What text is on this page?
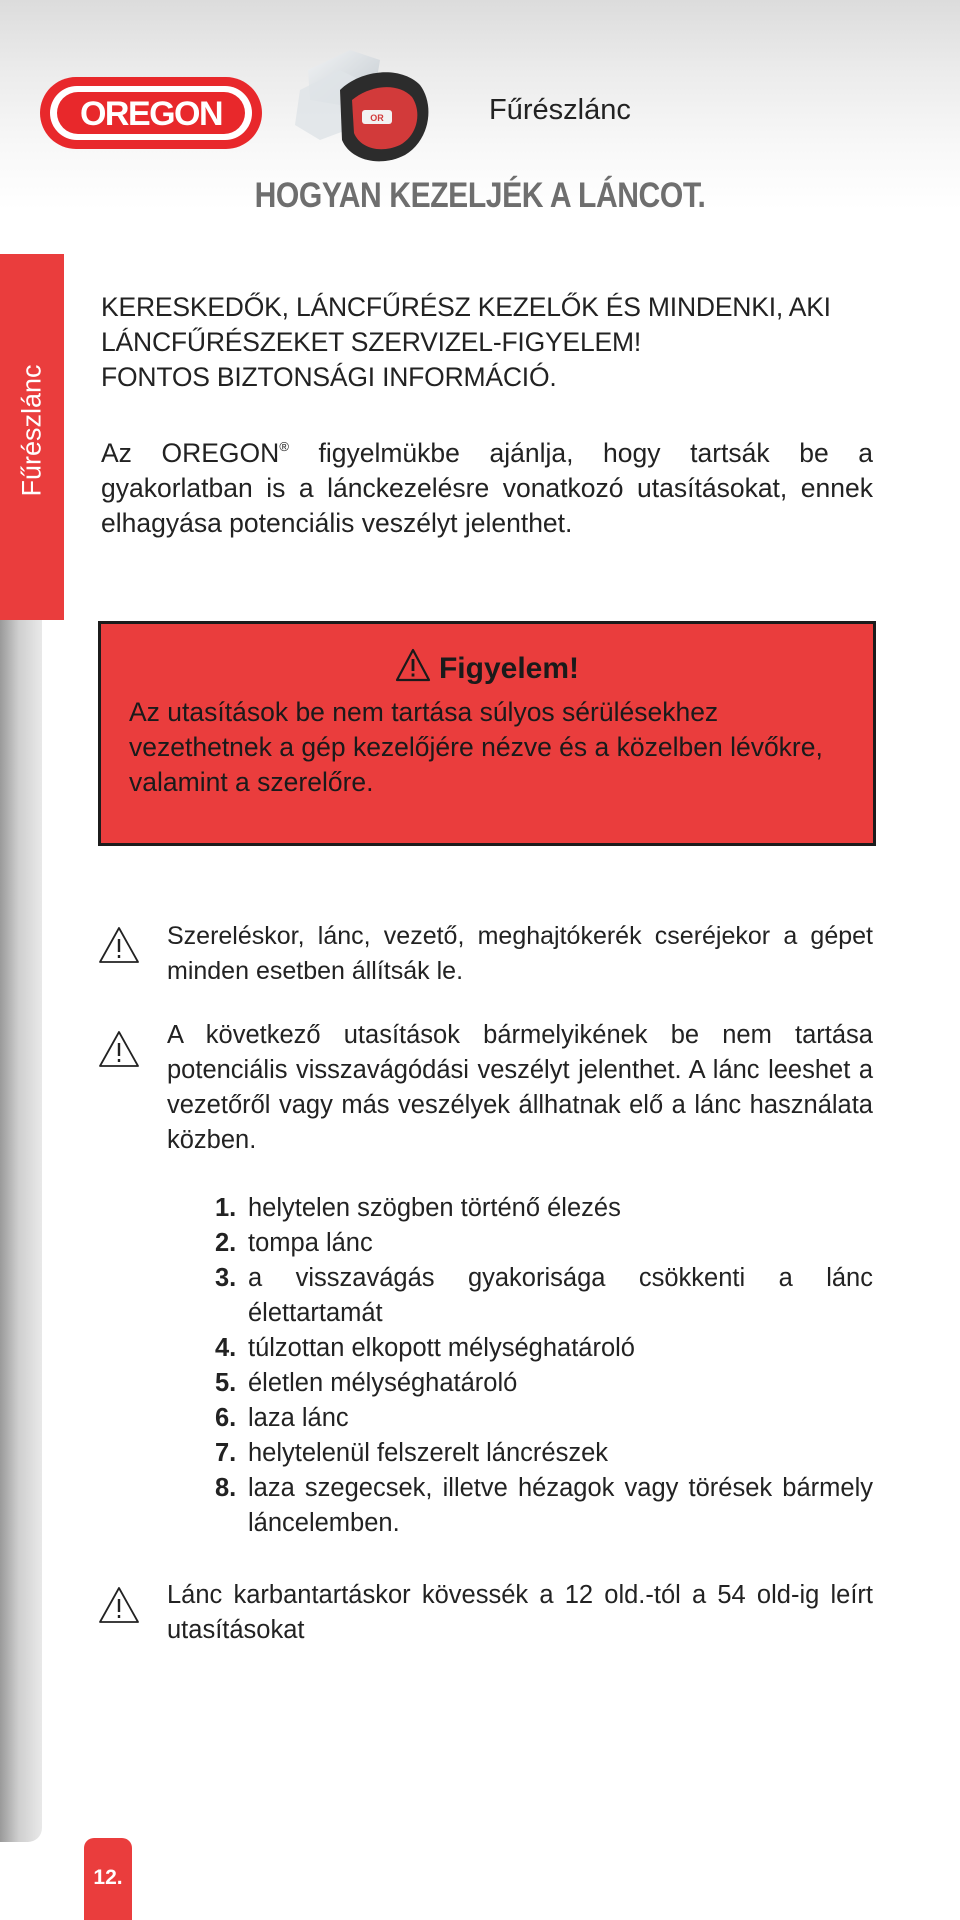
OREGON	OR	Fűrészlánc
HOGYAN KEZELJÉK A LÁNCOT.
Fűrészlánc
KERESKEDŐK, LÁNCFŰRÉSZ KEZELŐK ÉS MINDENKI, AKI
LÁNCFŰRÉSZEKET SZERVIZEL-FIGYELEM!
FONTOS BIZTONSÁGI INFORMÁCIÓ.
Az OREGON® figyelmükbe ajánlja, hogy tartsák be a gyakorlatban is a lánckezelésre vonatkozó utasításokat, ennek elhagyása potenciális veszélyt jelenthet.
Figyelem!
Az utasítások be nem tartása súlyos sérülésekhez vezethetnek a gép kezelőjére nézve és a közelben lévőkre, valamint a szerelőre.
Szereléskor, lánc, vezető, meghajtókerék cseréjekor a gépet minden esetben állítsák le.
A következő utasítások bármelyikének be nem tartása potenciális visszavágódási veszélyt jelenthet. A lánc leeshet a vezetőről vagy más veszélyek állhatnak elő a lánc használata közben.
1. helytelen szögben történő élezés
2. tompa lánc
3. a visszavágás gyakorisága csökkenti a lánc élettartamát
4. túlzottan elkopott mélységhatároló
5. életlen mélységhatároló
6. laza lánc
7. helytelenül felszerelt láncrészek
8. laza szegecsek, illetve hézagok vagy törések bármely láncelemben.
Lánc karbantartáskor kövessék a 12 old.-tól a 54 old-ig leírt utasításokat
12.
